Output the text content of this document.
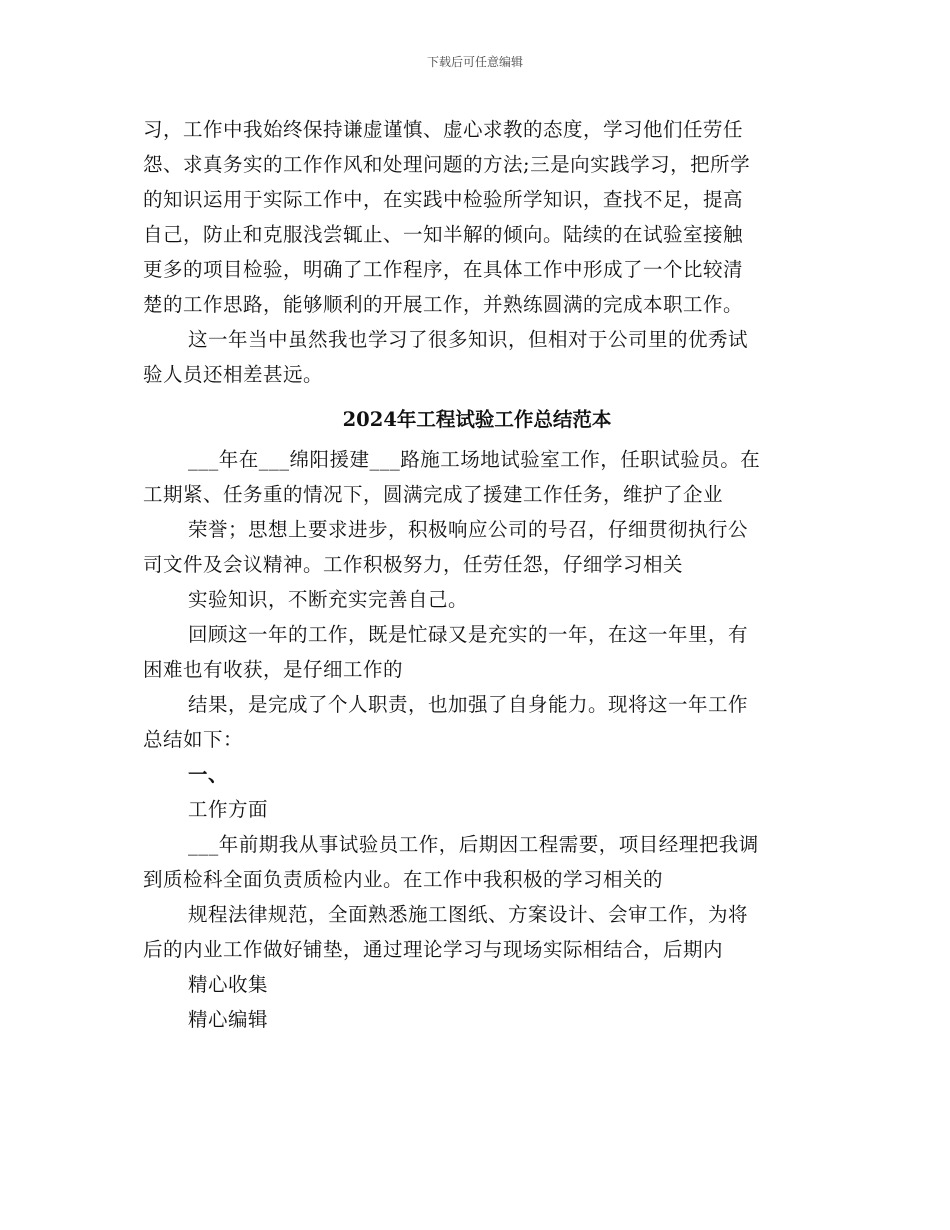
下载后可任意编辑
习，工作中我始终保持谦虚谨慎、虚心求教的态度，学习他们任劳任
怨、求真务实的工作作风和处理问题的方法;三是向实践学习，把所学
的知识运用于实际工作中，在实践中检验所学知识，查找不足，提高
自己，防止和克服浅尝辄止、一知半解的倾向。陆续的在试验室接触
更多的项目检验，明确了工作程序，在具体工作中形成了一个比较清
楚的工作思路，能够顺利的开展工作，并熟练圆满的完成本职工作。
这一年当中虽然我也学习了很多知识，但相对于公司里的优秀试
验人员还相差甚远。
2024年工程试验工作总结范本
___年在___绵阳援建___路施工场地试验室工作，任职试验员。在
工期紧、任务重的情况下，圆满完成了援建工作任务，维护了企业
荣誉；思想上要求进步，积极响应公司的号召，仔细贯彻执行公
司文件及会议精神。工作积极努力，任劳任怨，仔细学习相关
实验知识，不断充实完善自己。
回顾这一年的工作，既是忙碌又是充实的一年，在这一年里，有
困难也有收获，是仔细工作的
结果，是完成了个人职责，也加强了自身能力。现将这一年工作
总结如下：
一、
工作方面
___年前期我从事试验员工作，后期因工程需要，项目经理把我调
到质检科全面负责质检内业。在工作中我积极的学习相关的
规程法律规范，全面熟悉施工图纸、方案设计、会审工作，为将
后的内业工作做好铺垫，通过理论学习与现场实际相结合，后期内
精心收集
精心编辑
